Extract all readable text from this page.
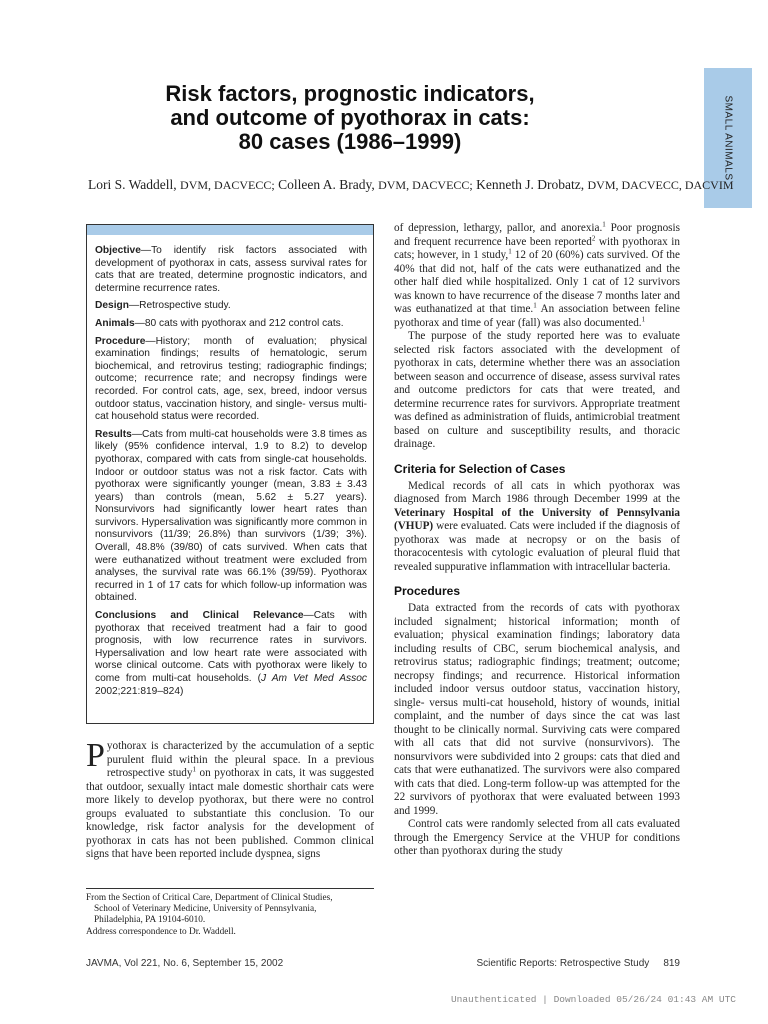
SMALL ANIMALS
Risk factors, prognostic indicators,
and outcome of pyothorax in cats:
80 cases (1986–1999)
Lori S. Waddell, DVM, DACVECC; Colleen A. Brady, DVM, DACVECC; Kenneth J. Drobatz, DVM, DACVECC, DACVIM

Objective—To identify risk factors associated with development of pyothorax in cats, assess survival rates for cats that are treated, determine prognostic indicators, and determine recurrence rates.

Design—Retrospective study.

Animals—80 cats with pyothorax and 212 control cats.

Procedure—History; month of evaluation; physical examination findings; results of hematologic, serum biochemical, and retrovirus testing; radiographic findings; outcome; recurrence rate; and necropsy findings were recorded. For control cats, age, sex, breed, indoor versus outdoor status, vaccination history, and single- versus multi-cat household status were recorded.

Results—Cats from multi-cat households were 3.8 times as likely (95% confidence interval, 1.9 to 8.2) to develop pyothorax, compared with cats from single-cat households. Indoor or outdoor status was not a risk factor. Cats with pyothorax were significantly younger (mean, 3.83 ± 3.43 years) than controls (mean, 5.62 ± 5.27 years). Nonsurvivors had significantly lower heart rates than survivors. Hypersalivation was significantly more common in nonsurvivors (11/39; 26.8%) than survivors (1/39; 3%). Overall, 48.8% (39/80) of cats survived. When cats that were euthanatized without treatment were excluded from analyses, the survival rate was 66.1% (39/59). Pyothorax recurred in 1 of 17 cats for which follow-up information was obtained.

Conclusions and Clinical Relevance—Cats with pyothorax that received treatment had a fair to good prognosis, with low recurrence rates in survivors. Hypersalivation and low heart rate were associated with worse clinical outcome. Cats with pyothorax were likely to come from multi-cat households. (J Am Vet Med Assoc 2002;221:819–824)

Pyothorax is characterized by the accumulation of a septic purulent fluid within the pleural space. In a previous retrospective study$^1$ on pyothorax in cats, it was suggested that outdoor, sexually intact male domestic shorthair cats were more likely to develop pyothorax, but there were no control groups evaluated to substantiate this conclusion. To our knowledge, risk factor analysis for the development of pyothorax in cats has not been published. Common clinical signs that have been reported include dyspnea, signs

From the Section of Critical Care, Department of Clinical Studies,
School of Veterinary Medicine, University of Pennsylvania,
Philadelphia, PA 19104-6010.
Address correspondence to Dr. Waddell.

of depression, lethargy, pallor, and anorexia.$^1$ Poor prognosis and frequent recurrence have been reported$^2$ with pyothorax in cats; however, in 1 study,$^1$ 12 of 20 (60%) cats survived. Of the 40% that did not, half of the cats were euthanatized and the other half died while hospitalized. Only 1 cat of 12 survivors was known to have recurrence of the disease 7 months later and was euthanatized at that time.$^1$ An association between feline pyothorax and time of year (fall) was also documented.$^1$

The purpose of the study reported here was to evaluate selected risk factors associated with the development of pyothorax in cats, determine whether there was an association between season and occurrence of disease, assess survival rates and outcome predictors for cats that were treated, and determine recurrence rates for survivors. Appropriate treatment was defined as administration of fluids, antimicrobial treatment based on culture and susceptibility results, and thoracic drainage.

Criteria for Selection of Cases

Medical records of all cats in which pyothorax was diagnosed from March 1986 through December 1999 at the Veterinary Hospital of the University of Pennsylvania (VHUP) were evaluated. Cats were included if the diagnosis of pyothorax was made at necropsy or on the basis of thoracocentesis with cytologic evaluation of pleural fluid that revealed suppurative inflammation with intracellular bacteria.

Procedures

Data extracted from the records of cats with pyothorax included signalment; historical information; month of evaluation; physical examination findings; laboratory data including results of CBC, serum biochemical analysis, and retrovirus status; radiographic findings; treatment; outcome; necropsy findings; and recurrence. Historical information included indoor versus outdoor status, vaccination history, single- versus multi-cat household, history of wounds, initial complaint, and the number of days since the cat was last thought to be clinically normal. Surviving cats were compared with all cats that did not survive (nonsurvivors). The nonsurvivors were subdivided into 2 groups: cats that died and cats that were euthanatized. The survivors were also compared with cats that died. Long-term follow-up was attempted for the 22 survivors of pyothorax that were evaluated between 1993 and 1999.

Control cats were randomly selected from all cats evaluated through the Emergency Service at the VHUP for conditions other than pyothorax during the study

JAVMA, Vol 221, No. 6, September 15, 2002	Scientific Reports: Retrospective Study 819
Unauthenticated | Downloaded 05/26/24 01:43 AM UTC
